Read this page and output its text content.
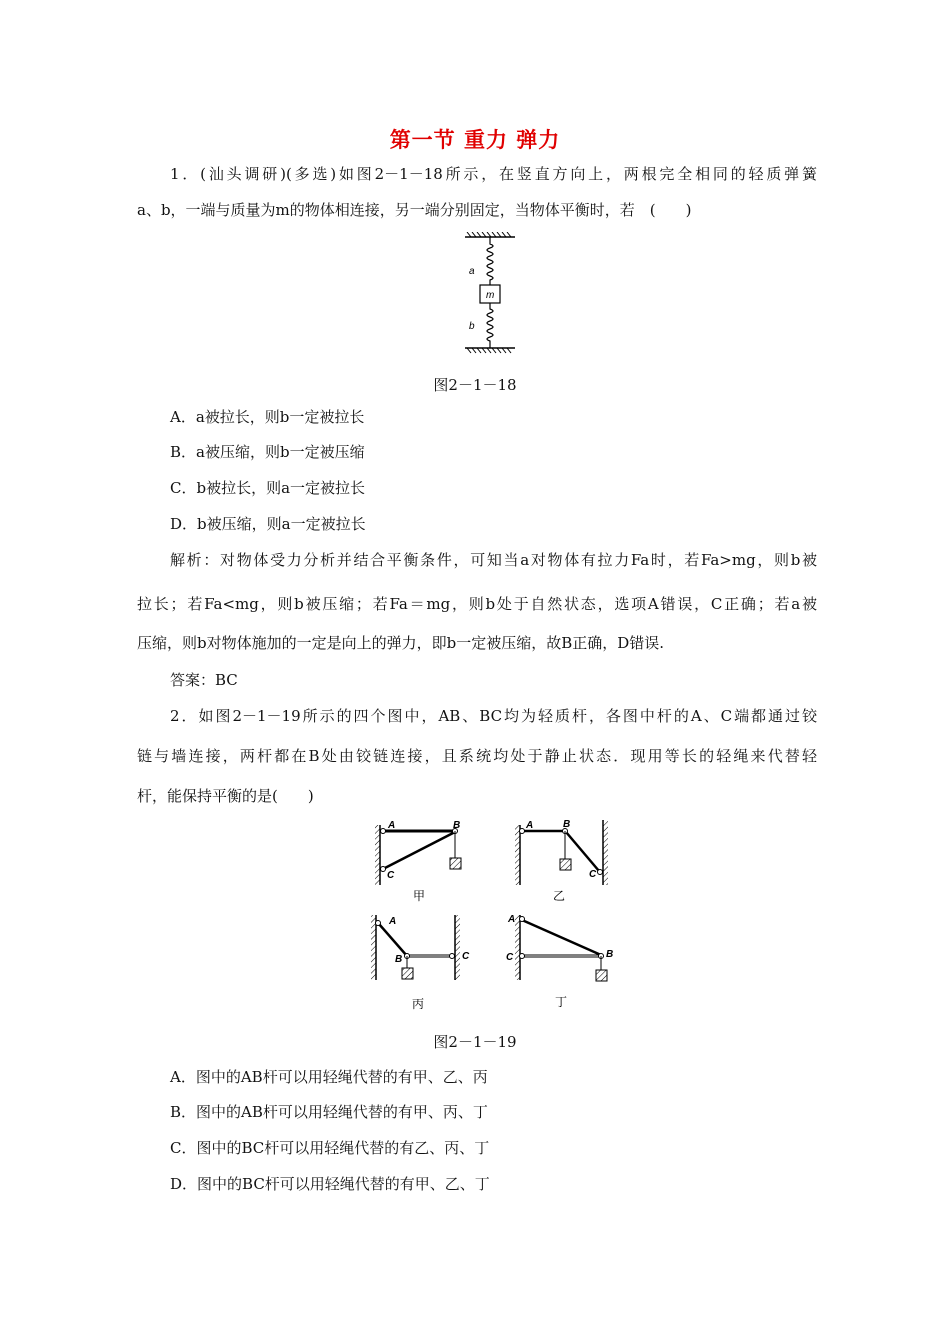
第一节 重力 弹力
1．(汕头调研)(多选)如图2－1－18所示，在竖直方向上，两根完全相同的轻质弹簧
a、b，一端与质量为m的物体相连接，另一端分别固定，当物体平衡时，若　(　　)
a
m
b
图2－1－18
A．a被拉长，则b一定被拉长
B．a被压缩，则b一定被压缩
C．b被拉长，则a一定被拉长
D．b被压缩，则a一定被拉长
解析：对物体受力分析并结合平衡条件，可知当a对物体有拉力Fa时，若Fa>mg，则b被
拉长；若Fa<mg，则b被压缩；若Fa＝mg，则b处于自然状态，选项A错误，C正确；若a被
压缩，则b对物体施加的一定是向上的弹力，即b一定被压缩，故B正确，D错误.
答案：BC
2．如图2－1－19所示的四个图中，AB、BC均为轻质杆，各图中杆的A、C端都通过铰
链与墙连接，两杆都在B处由铰链连接，且系统均处于静止状态．现用等长的轻绳来代替轻
杆，能保持平衡的是(　　)
A	B
C
甲
A	B
C
乙
A
B	C
丙
A
B
C
丁
图2－1－19
A．图中的AB杆可以用轻绳代替的有甲、乙、丙
B．图中的AB杆可以用轻绳代替的有甲、丙、丁
C．图中的BC杆可以用轻绳代替的有乙、丙、丁
D．图中的BC杆可以用轻绳代替的有甲、乙、丁
